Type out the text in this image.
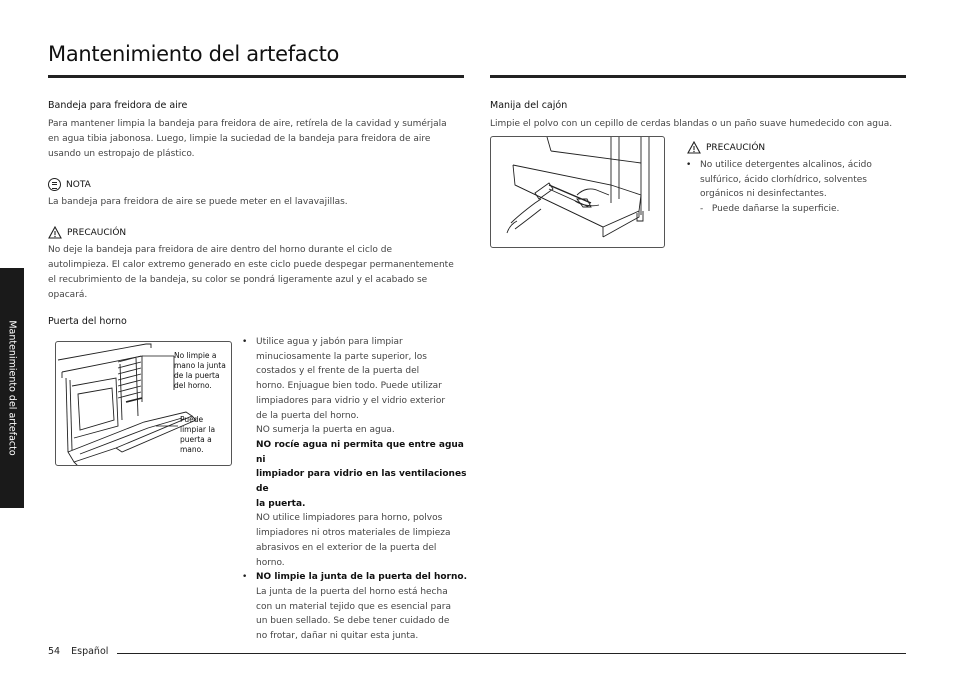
Mantenimiento del artefacto
Mantenimiento del artefacto
Bandeja para freidora de aire
Para mantener limpia la bandeja para freidora de aire, retírela de la cavidad y sumérjala
en agua tibia jabonosa. Luego, limpie la suciedad de la bandeja para freidora de aire
usando un estropajo de plástico.
NOTA
La bandeja para freidora de aire se puede meter en el lavavajillas.
PRECAUCIÓN
No deje la bandeja para freidora de aire dentro del horno durante el ciclo de
autolimpieza. El calor extremo generado en este ciclo puede despegar permanentemente
el recubrimiento de la bandeja, su color se pondrá ligeramente azul y el acabado se
opacará.
Puerta del horno
No limpie a
mano la junta
de la puerta
del horno.
Puede
limpiar la
puerta a
mano.
• Utilice agua y jabón para limpiar
minuciosamente la parte superior, los
costados y el frente de la puerta del
horno. Enjuague bien todo. Puede utilizar
limpiadores para vidrio y el vidrio exterior
de la puerta del horno.
NO sumerja la puerta en agua.
NO rocíe agua ni permita que entre agua ni
limpiador para vidrio en las ventilaciones de
la puerta.
NO utilice limpiadores para horno, polvos
limpiadores ni otros materiales de limpieza
abrasivos en el exterior de la puerta del
horno.
• NO limpie la junta de la puerta del horno.
La junta de la puerta del horno está hecha
con un material tejido que es esencial para
un buen sellado. Se debe tener cuidado de
no frotar, dañar ni quitar esta junta.
Manija del cajón
Limpie el polvo con un cepillo de cerdas blandas o un paño suave humedecido con agua.
PRECAUCIÓN
• No utilice detergentes alcalinos, ácido
sulfúrico, ácido clorhídrico, solventes
orgánicos ni desinfectantes.
-   Puede dañarse la superficie.
54 Español
